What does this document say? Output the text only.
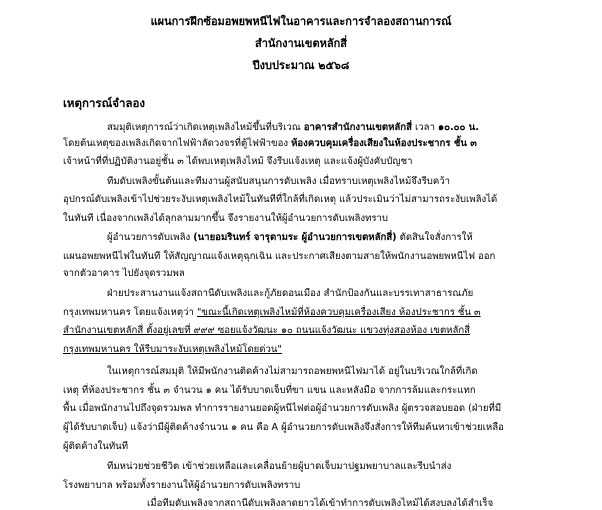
แผนการฝึกซ้อมอพยพหนีไฟในอาคารและการจำลองสถานการณ์
สำนักงานเขตหลักสี่
ปีงบประมาณ ๒๕๖๘
เหตุการณ์จำลอง
สมมุติเหตุการณ์ว่าเกิดเหตุเพลิงไหม้ขึ้นที่บริเวณ อาคารสำนักงานเขตหลักสี่ เวลา ๑๐.๐๐ น.
โดยต้นเหตุของเพลิงเกิดจากไฟฟ้าลัดวงจรที่ตู้ไฟฟ้าของ ห้องควบคุมเครื่องเสียงในห้องประชากร ชั้น ๓
เจ้าหน้าที่ที่ปฏิบัติงานอยู่ชั้น ๓ ได้พบเหตุเพลิงไหม้ จึงรีบแจ้งเหตุ และแจ้งผู้บังคับบัญชา
ทีมดับเพลิงขั้นต้นและทีมงานผู้สนับสนุนการดับเพลิง เมื่อทราบเหตุเพลิงไหม้จึงรีบคว้า
อุปกรณ์ดับเพลิงเข้าไปช่วยระงับเหตุเพลิงไหม้ในทันทีที่ใกล้ที่เกิดเหตุ แล้วประเมินว่าไม่สามารถระงับเพลิงได้
ในทันที เนื่องจากเพลิงได้ลุกลามมากขึ้น จึงรายงานให้ผู้อำนวยการดับเพลิงทราบ
ผู้อำนวยการดับเพลิง (นายอมรินทร์ จารุตามระ ผู้อำนวยการเขตหลักสี่) ตัดสินใจสั่งการให้
แผนอพยพหนีไฟในทันที ให้สัญญาณแจ้งเหตุฉุกเฉิน และประกาศเสียงตามสายให้พนักงานอพยพหนีไฟ ออก
จากตัวอาคาร ไปยังจุดรวมพล
ฝ่ายประสานงานแจ้งสถานีดับเพลิงและกู้ภัยดอนเมือง สำนักป้องกันและบรรเทาสาธารณภัย
กรุงเทพมหานคร โดยแจ้งเหตุว่า "ขณะนี้เกิดเหตุเพลิงไหม้ที่ห้องควบคุมเครื่องเสียง ห้องประชากร ชั้น ๓
สำนักงานเขตหลักสี่ ตั้งอยู่เลขที่ ๙๙๙ ซอยแจ้งวัฒนะ ๑๐ ถนนแจ้งวัฒนะ แขวงทุ่งสองห้อง เขตหลักสี่
กรุงเทพมหานคร ให้รีบมาระงับเหตุเพลิงไหม้โดยด่วน"
ในเหตุการณ์สมมุติ ให้มีพนักงานติดค้างไม่สามารถอพยพหนีไฟมาได้ อยู่ในบริเวณใกล้ที่เกิด
เหตุ ที่ห้องประชากร ชั้น ๓ จำนวน ๑ คน ได้รับบาดเจ็บที่ขา แขน และหลังมือ จากการล้มและกระแทก
พื้น เมื่อพนักงานไปถึงจุดรวมพล ทำการรายงานยอดผู้หนีไฟต่อผู้อำนวยการดับเพลิง ผู้ตรวจสอบยอด (ฝ่ายที่มี
ผู้ได้รับบาดเจ็บ) แจ้งว่ามีผู้ติดค้างจำนวน ๑ คน คือ A ผู้อำนวยการดับเพลิงจึงสั่งการให้ทีมค้นหาเข้าช่วยเหลือ
ผู้ติดค้างในทันที
ทีมหน่วยช่วยชีวิต เข้าช่วยเหลือและเคลื่อนย้ายผู้บาดเจ็บมาปฐมพยาบาลและรีบนำส่ง
โรงพยาบาล พร้อมทั้งรายงานให้ผู้อำนวยการดับเพลิงทราบ
เมื่อทีมดับเพลิงจากสถานีดับเพลิงลาดยาวได้เข้าทำการดับเพลิงไหม้ได้สงบลงได้สำเร็จ
